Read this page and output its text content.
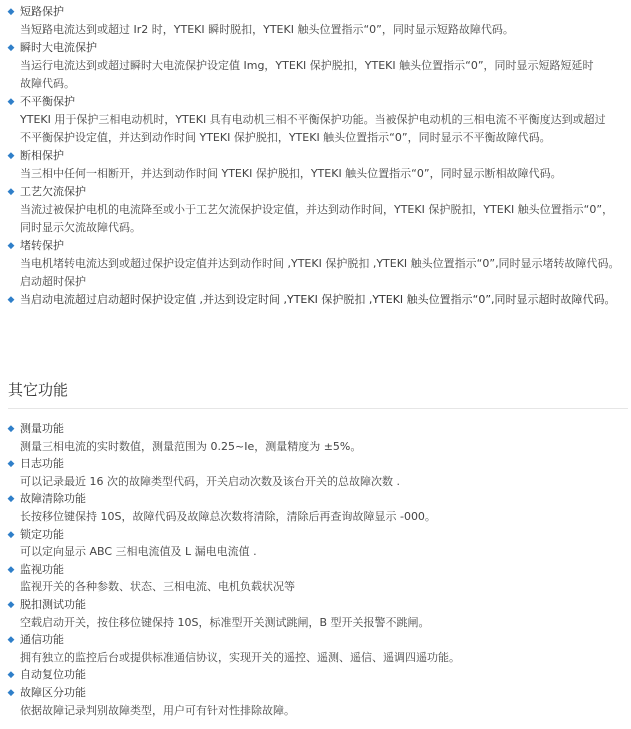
◆ 短路保护
当短路电流达到或超过 Ir2 时，YTEKI 瞬时脱扣，YTEKI 触头位置指示“0”，同时显示短路故障代码。
◆ 瞬时大电流保护
当运行电流达到或超过瞬时大电流保护设定值 Img，YTEKI 保护脱扣，YTEKI 触头位置指示“0”，同时显示短路短延时
故障代码。
◆ 不平衡保护
YTEKI 用于保护三相电动机时，YTEKI 具有电动机三相不平衡保护功能。当被保护电动机的三相电流不平衡度达到或超过
不平衡保护设定值，并达到动作时间 YTEKI 保护脱扣，YTEKI 触头位置指示“0”，同时显示不平衡故障代码。
◆ 断相保护
当三相中任何一相断开，并达到动作时间 YTEKI 保护脱扣，YTEKI 触头位置指示“0”，同时显示断相故障代码。
◆ 工艺欠流保护
当流过被保护电机的电流降至或小于工艺欠流保护设定值，并达到动作时间，YTEKI 保护脱扣，YTEKI 触头位置指示“0”，
同时显示欠流故障代码。
◆ 堵转保护
当电机堵转电流达到或超过保护设定值并达到动作时间 ,YTEKI 保护脱扣 ,YTEKI 触头位置指示“0”,同时显示堵转故障代码。
启动超时保护
◆ 当启动电流超过启动超时保护设定值 ,并达到设定时间 ,YTEKI 保护脱扣 ,YTEKI 触头位置指示“0”,同时显示超时故障代码。
其它功能
◆ 测量功能
测量三相电流的实时数值，测量范围为 0.25~Ie，测量精度为 ±5%。
◆ 日志功能
可以记录最近 16 次的故障类型代码，开关启动次数及该台开关的总故障次数 .
◆ 故障清除功能
长按移位键保持 10S，故障代码及故障总次数将清除，清除后再查询故障显示 -000。
◆ 锁定功能
可以定向显示 ABC 三相电流值及 L 漏电电流值 .
◆ 监视功能
监视开关的各种参数、状态、三相电流、电机负载状况等
◆ 脱扣测试功能
空载启动开关，按住移位键保持 10S，标准型开关测试跳闸，B 型开关报警不跳闸。
◆ 通信功能
拥有独立的监控后台或提供标准通信协议，实现开关的遥控、遥测、遥信、遥调四遥功能。
◆ 自动复位功能
◆ 故障区分功能
依据故障记录判别故障类型，用户可有针对性排除故障。
